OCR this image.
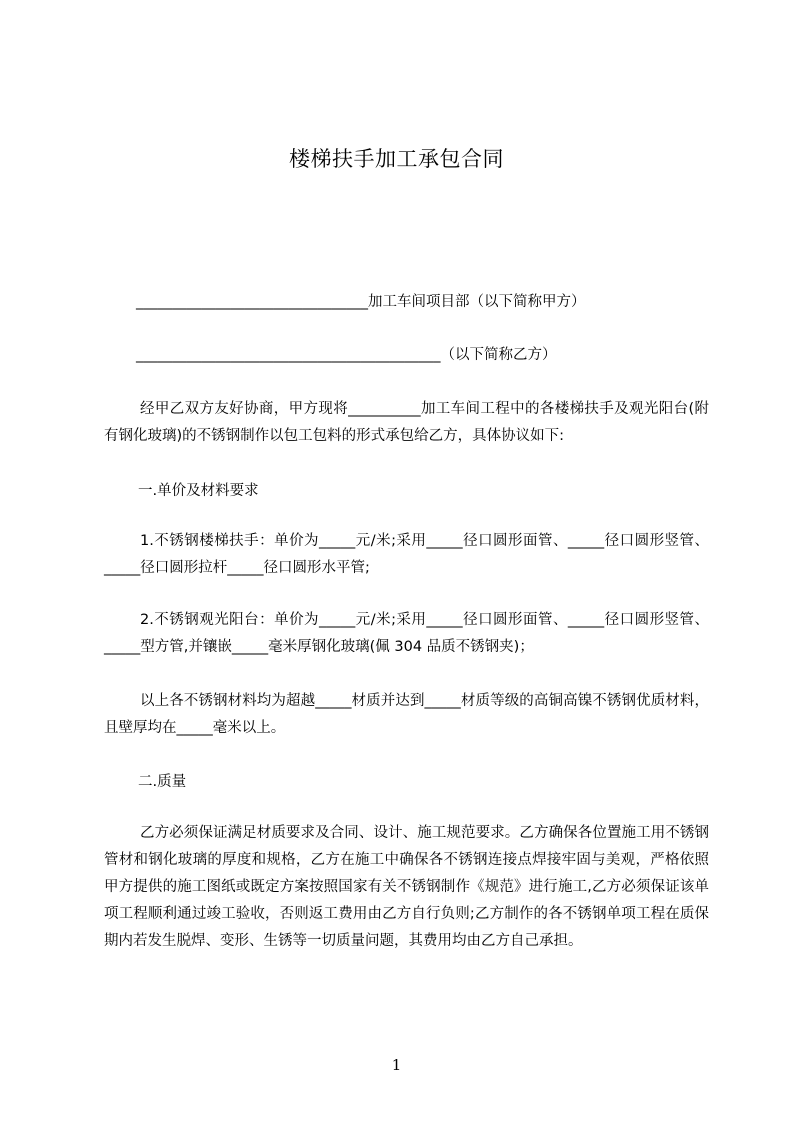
楼梯扶手加工承包合同
________________________________加工车间项目部（以下简称甲方）
__________________________________________（以下简称乙方）
经甲乙双方友好协商，甲方现将__________加工车间工程中的各楼梯扶手及观光阳台(附有钢化玻璃)的不锈钢制作以包工包料的形式承包给乙方，具体协议如下:
一.单价及材料要求
1.不锈钢楼梯扶手：单价为_____元/米;采用_____径口圆形面管、_____径口圆形竖管、_____径口圆形拉杆_____径口圆形水平管;
2.不锈钢观光阳台：单价为_____元/米;采用_____径口圆形面管、_____径口圆形竖管、_____型方管,并镶嵌_____毫米厚钢化玻璃(佩 304 品质不锈钢夹)；
以上各不锈钢材料均为超越_____材质并达到_____材质等级的高铜高镍不锈钢优质材料，且壁厚均在_____毫米以上。
二.质量
乙方必须保证满足材质要求及合同、设计、施工规范要求。乙方确保各位置施工用不锈钢管材和钢化玻璃的厚度和规格，乙方在施工中确保各不锈钢连接点焊接牢固与美观，严格依照甲方提供的施工图纸或既定方案按照国家有关不锈钢制作《规范》进行施工,乙方必须保证该单项工程顺利通过竣工验收，否则返工费用由乙方自行负则;乙方制作的各不锈钢单项工程在质保期内若发生脱焊、变形、生锈等一切质量问题，其费用均由乙方自己承担。
1
